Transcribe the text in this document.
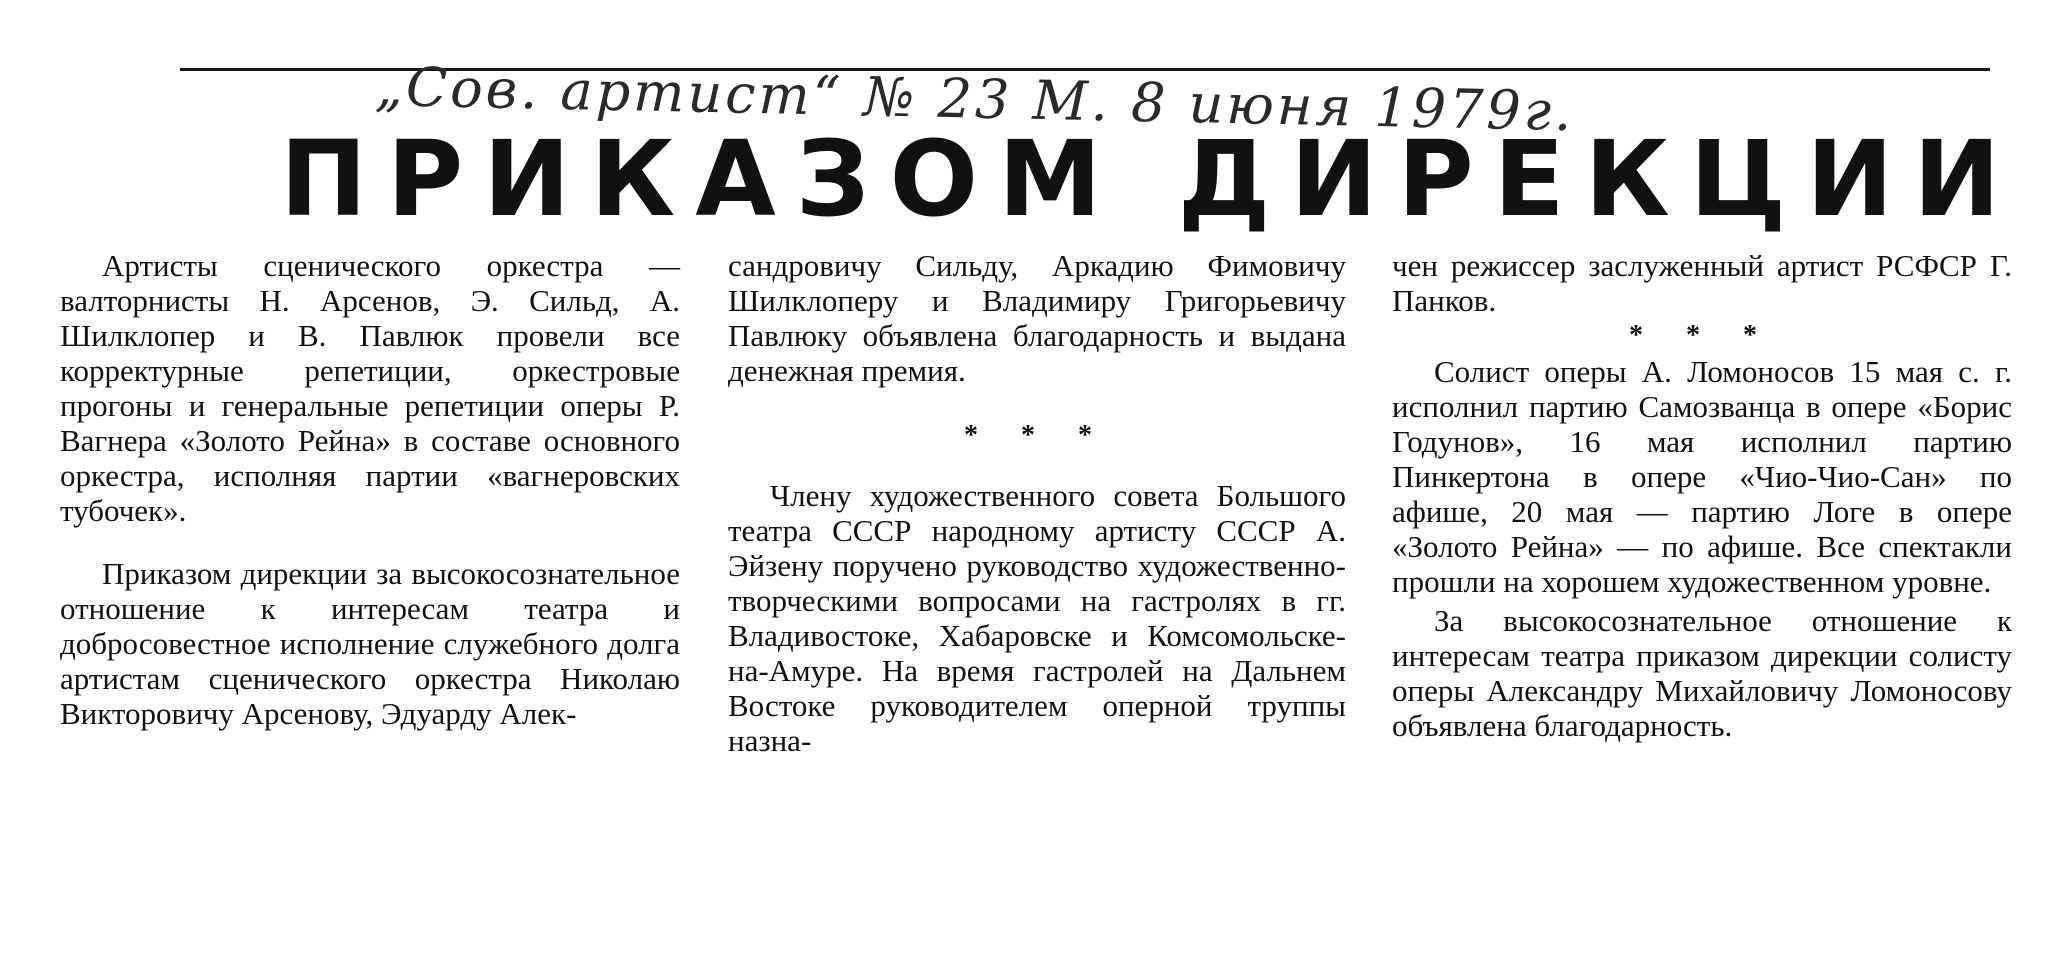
„Сов. артист“ № 23 М. 8 июня 1979г.
ПРИКАЗОМ ДИРЕКЦИИ

Артисты сценического оркестра — валторнисты Н. Арсенов, Э. Сильд, А. Шилклопер и В. Павлюк провели все корректурные репетиции, оркестровые прогоны и генеральные репетиции оперы Р. Вагнера «Золото Рейна» в составе основного оркестра, исполняя партии «вагнеровских тубочек».

Приказом дирекции за высокосознательное отношение к интересам театра и добросовестное исполнение служебного долга артистам сценического оркестра Николаю Викторовичу Арсенову, Эдуарду Алек-

сандровичу Сильду, Аркадию Фимовичу Шилклоперу и Владимиру Григорьевичу Павлюку объявлена благодарность и выдана денежная премия.

* * *

Члену художественного совета Большого театра СССР народному артисту СССР А. Эйзену поручено руководство художественно-творческими вопросами на гастролях в гг. Владивостоке, Хабаровске и Комсомольске-на-Амуре. На время гастролей на Дальнем Востоке руководителем оперной труппы назна-

чен режиссер заслуженный артист РСФСР Г. Панков.

* * *

Солист оперы А. Ломоносов 15 мая с. г. исполнил партию Самозванца в опере «Борис Годунов», 16 мая исполнил партию Пинкертона в опере «Чио-Чио-Сан» по афише, 20 мая — партию Логе в опере «Золото Рейна» — по афише. Все спектакли прошли на хорошем художественном уровне.

За высокосознательное отношение к интересам театра приказом дирекции солисту оперы Александру Михайловичу Ломоносову объявлена благодарность.
